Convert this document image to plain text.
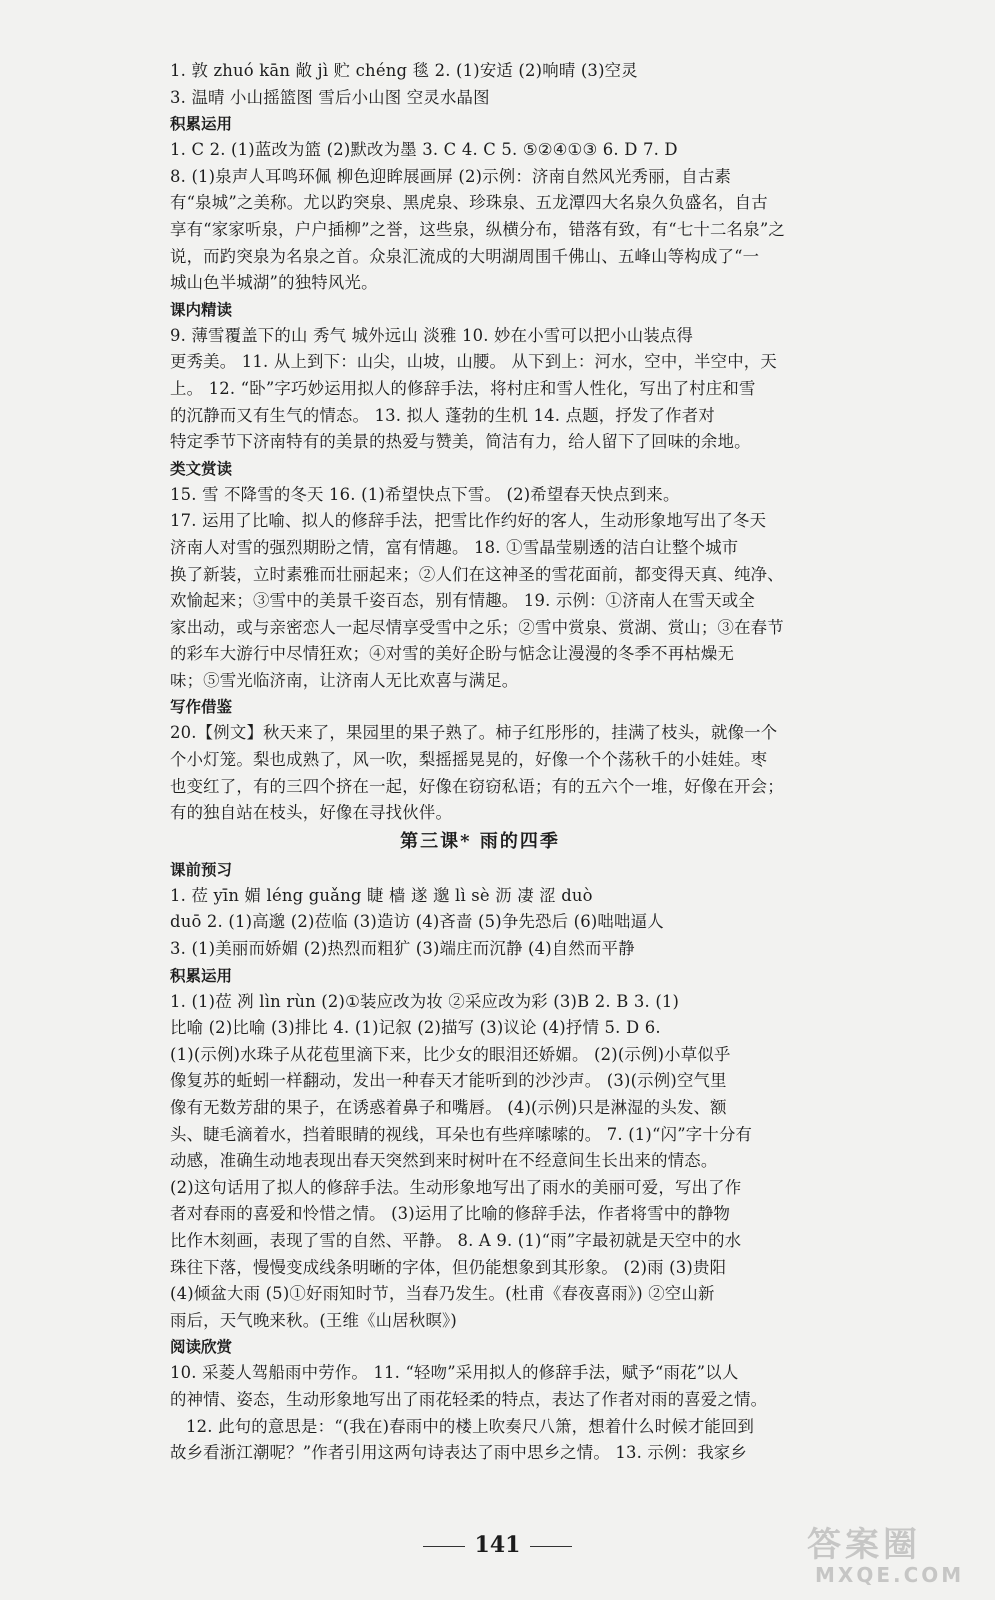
1. 敦 zhuó kān 敞 jì 贮 chéng 毯 2. (1)安适 (2)响晴 (3)空灵
3. 温晴 小山摇篮图 雪后小山图 空灵水晶图
积累运用
1. C 2. (1)蓝改为篮 (2)默改为墨 3. C 4. C 5. ⑤②④①③ 6. D 7. D
8. (1)泉声人耳鸣环佩 柳色迎眸展画屏 (2)示例：济南自然风光秀丽，自古素
有“泉城”之美称。尤以趵突泉、黑虎泉、珍珠泉、五龙潭四大名泉久负盛名，自古
享有“家家听泉，户户插柳”之誉，这些泉，纵横分布，错落有致，有“七十二名泉”之
说，而趵突泉为名泉之首。众泉汇流成的大明湖周围千佛山、五峰山等构成了“一
城山色半城湖”的独特风光。
课内精读
9. 薄雪覆盖下的山 秀气 城外远山 淡雅 10. 妙在小雪可以把小山装点得
更秀美。 11. 从上到下：山尖，山坡，山腰。 从下到上：河水，空中，半空中，天
上。 12. “卧”字巧妙运用拟人的修辞手法，将村庄和雪人性化，写出了村庄和雪
的沉静而又有生气的情态。 13. 拟人 蓬勃的生机 14. 点题，抒发了作者对
特定季节下济南特有的美景的热爱与赞美，简洁有力，给人留下了回味的余地。
类文赏读
15. 雪 不降雪的冬天 16. (1)希望快点下雪。 (2)希望春天快点到来。
17. 运用了比喻、拟人的修辞手法，把雪比作约好的客人，生动形象地写出了冬天
济南人对雪的强烈期盼之情，富有情趣。 18. ①雪晶莹剔透的洁白让整个城市
换了新装，立时素雅而壮丽起来；②人们在这神圣的雪花面前，都变得天真、纯净、
欢愉起来；③雪中的美景千姿百态，别有情趣。 19. 示例：①济南人在雪天或全
家出动，或与亲密恋人一起尽情享受雪中之乐；②雪中赏泉、赏湖、赏山；③在春节
的彩车大游行中尽情狂欢；④对雪的美好企盼与惦念让漫漫的冬季不再枯燥无
味；⑤雪光临济南，让济南人无比欢喜与满足。
写作借鉴
20.【例文】秋天来了，果园里的果子熟了。柿子红彤彤的，挂满了枝头，就像一个
个小灯笼。梨也成熟了，风一吹，梨摇摇晃晃的，好像一个个荡秋千的小娃娃。枣
也变红了，有的三四个挤在一起，好像在窃窃私语；有的五六个一堆，好像在开会；
有的独自站在枝头，好像在寻找伙伴。
第三课* 雨的四季
课前预习
1. 莅 yīn 媚 léng guǎng 睫 樯 遂 邈 lì sè 沥 凄 涩 duò
duō 2. (1)高邈 (2)莅临 (3)造访 (4)吝啬 (5)争先恐后 (6)咄咄逼人
3. (1)美丽而娇媚 (2)热烈而粗犷 (3)端庄而沉静 (4)自然而平静
积累运用
1. (1)莅 冽 lìn rùn (2)①装应改为妆 ②采应改为彩 (3)B 2. B 3. (1)
比喻 (2)比喻 (3)排比 4. (1)记叙 (2)描写 (3)议论 (4)抒情 5. D 6.
(1)(示例)水珠子从花苞里滴下来，比少女的眼泪还娇媚。 (2)(示例)小草似乎
像复苏的蚯蚓一样翻动，发出一种春天才能听到的沙沙声。 (3)(示例)空气里
像有无数芳甜的果子，在诱惑着鼻子和嘴唇。 (4)(示例)只是淋湿的头发、额
头、睫毛滴着水，挡着眼睛的视线，耳朵也有些痒嗦嗦的。 7. (1)“闪”字十分有
动感，准确生动地表现出春天突然到来时树叶在不经意间生长出来的情态。
(2)这句话用了拟人的修辞手法。生动形象地写出了雨水的美丽可爱，写出了作
者对春雨的喜爱和怜惜之情。 (3)运用了比喻的修辞手法，作者将雪中的静物
比作木刻画，表现了雪的自然、平静。 8. A 9. (1)“雨”字最初就是天空中的水
珠往下落，慢慢变成线条明晰的字体，但仍能想象到其形象。 (2)雨 (3)贵阳
(4)倾盆大雨 (5)①好雨知时节，当春乃发生。(杜甫《春夜喜雨》) ②空山新
雨后，天气晚来秋。(王维《山居秋暝》)
阅读欣赏
10. 采菱人驾船雨中劳作。 11. “轻吻”采用拟人的修辞手法，赋予“雨花”以人
的神情、姿态，生动形象地写出了雨花轻柔的特点，表达了作者对雨的喜爱之情。
12. 此句的意思是：“(我在)春雨中的楼上吹奏尺八箫，想着什么时候才能回到
故乡看浙江潮呢？”作者引用这两句诗表达了雨中思乡之情。 13. 示例：我家乡
141	答案圈
MXQE.COM
